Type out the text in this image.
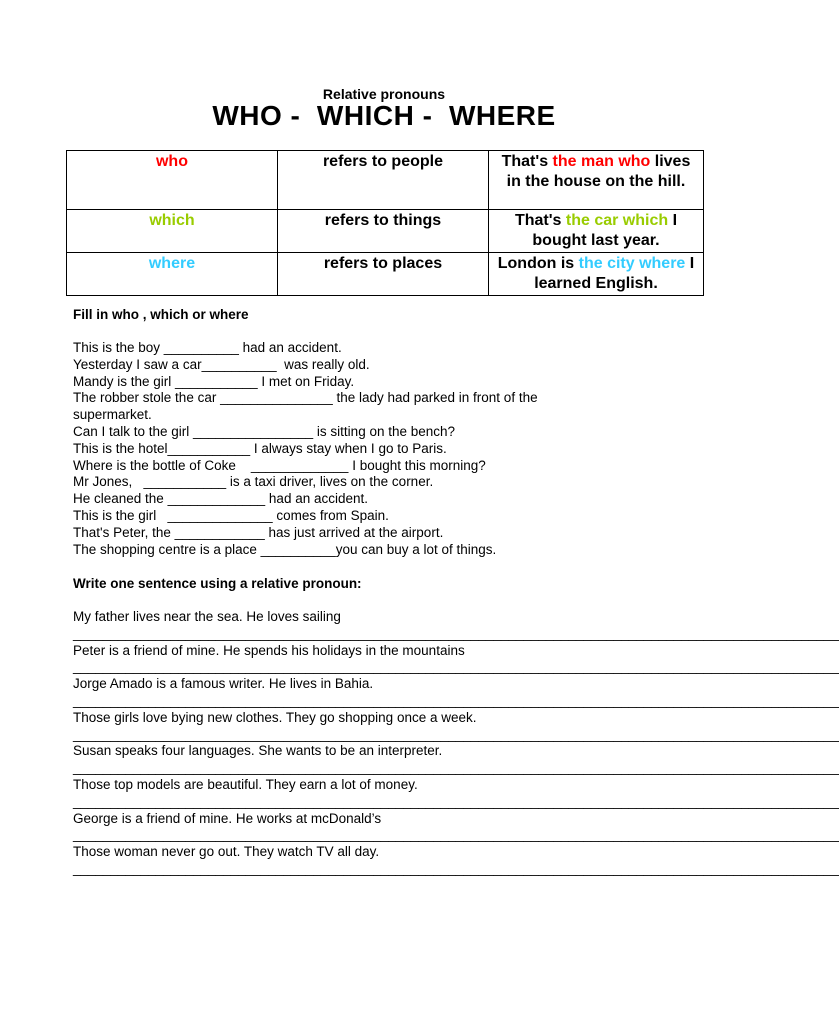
Relative pronouns
WHO -  WHICH -  WHERE
who	refers to people	That's the man who lives in the house on the hill.
which	refers to things	That's the car which I bought last year.
where	refers to places	London is the city where I learned English.
Fill in who , which or where
This is the boy __________ had an accident.
Yesterday I saw a car__________  was really old.
Mandy is the girl ___________ I met on Friday.
The robber stole the car _______________ the lady had parked in front of the supermarket.
Can I talk to the girl ________________ is sitting on the bench?
This is the hotel___________ I always stay when I go to Paris.
Where is the bottle of Coke    _____________ I bought this morning?
Mr Jones,   ___________ is a taxi driver, lives on the corner.
He cleaned the _____________ had an accident.
This is the girl   ______________ comes from Spain.
That's Peter, the ____________ has just arrived at the airport.
The shopping centre is a place __________you can buy a lot of things.
Write one sentence using a relative pronoun:
My father lives near the sea. He loves sailing
______________________________________________________________________________________________________
Peter is a friend of mine. He spends his holidays in the mountains
______________________________________________________________________________________________________
Jorge Amado is a famous writer. He lives in Bahia.
______________________________________________________________________________________________________
Those girls love bying new clothes. They go shopping once a week.
______________________________________________________________________________________________________
Susan speaks four languages. She wants to be an interpreter.
______________________________________________________________________________________________________
Those top models are beautiful. They earn a lot of money.
______________________________________________________________________________________________________
George is a friend of mine. He works at mcDonald’s
______________________________________________________________________________________________________
Those woman never go out. They watch TV all day.
______________________________________________________________________________________________________
